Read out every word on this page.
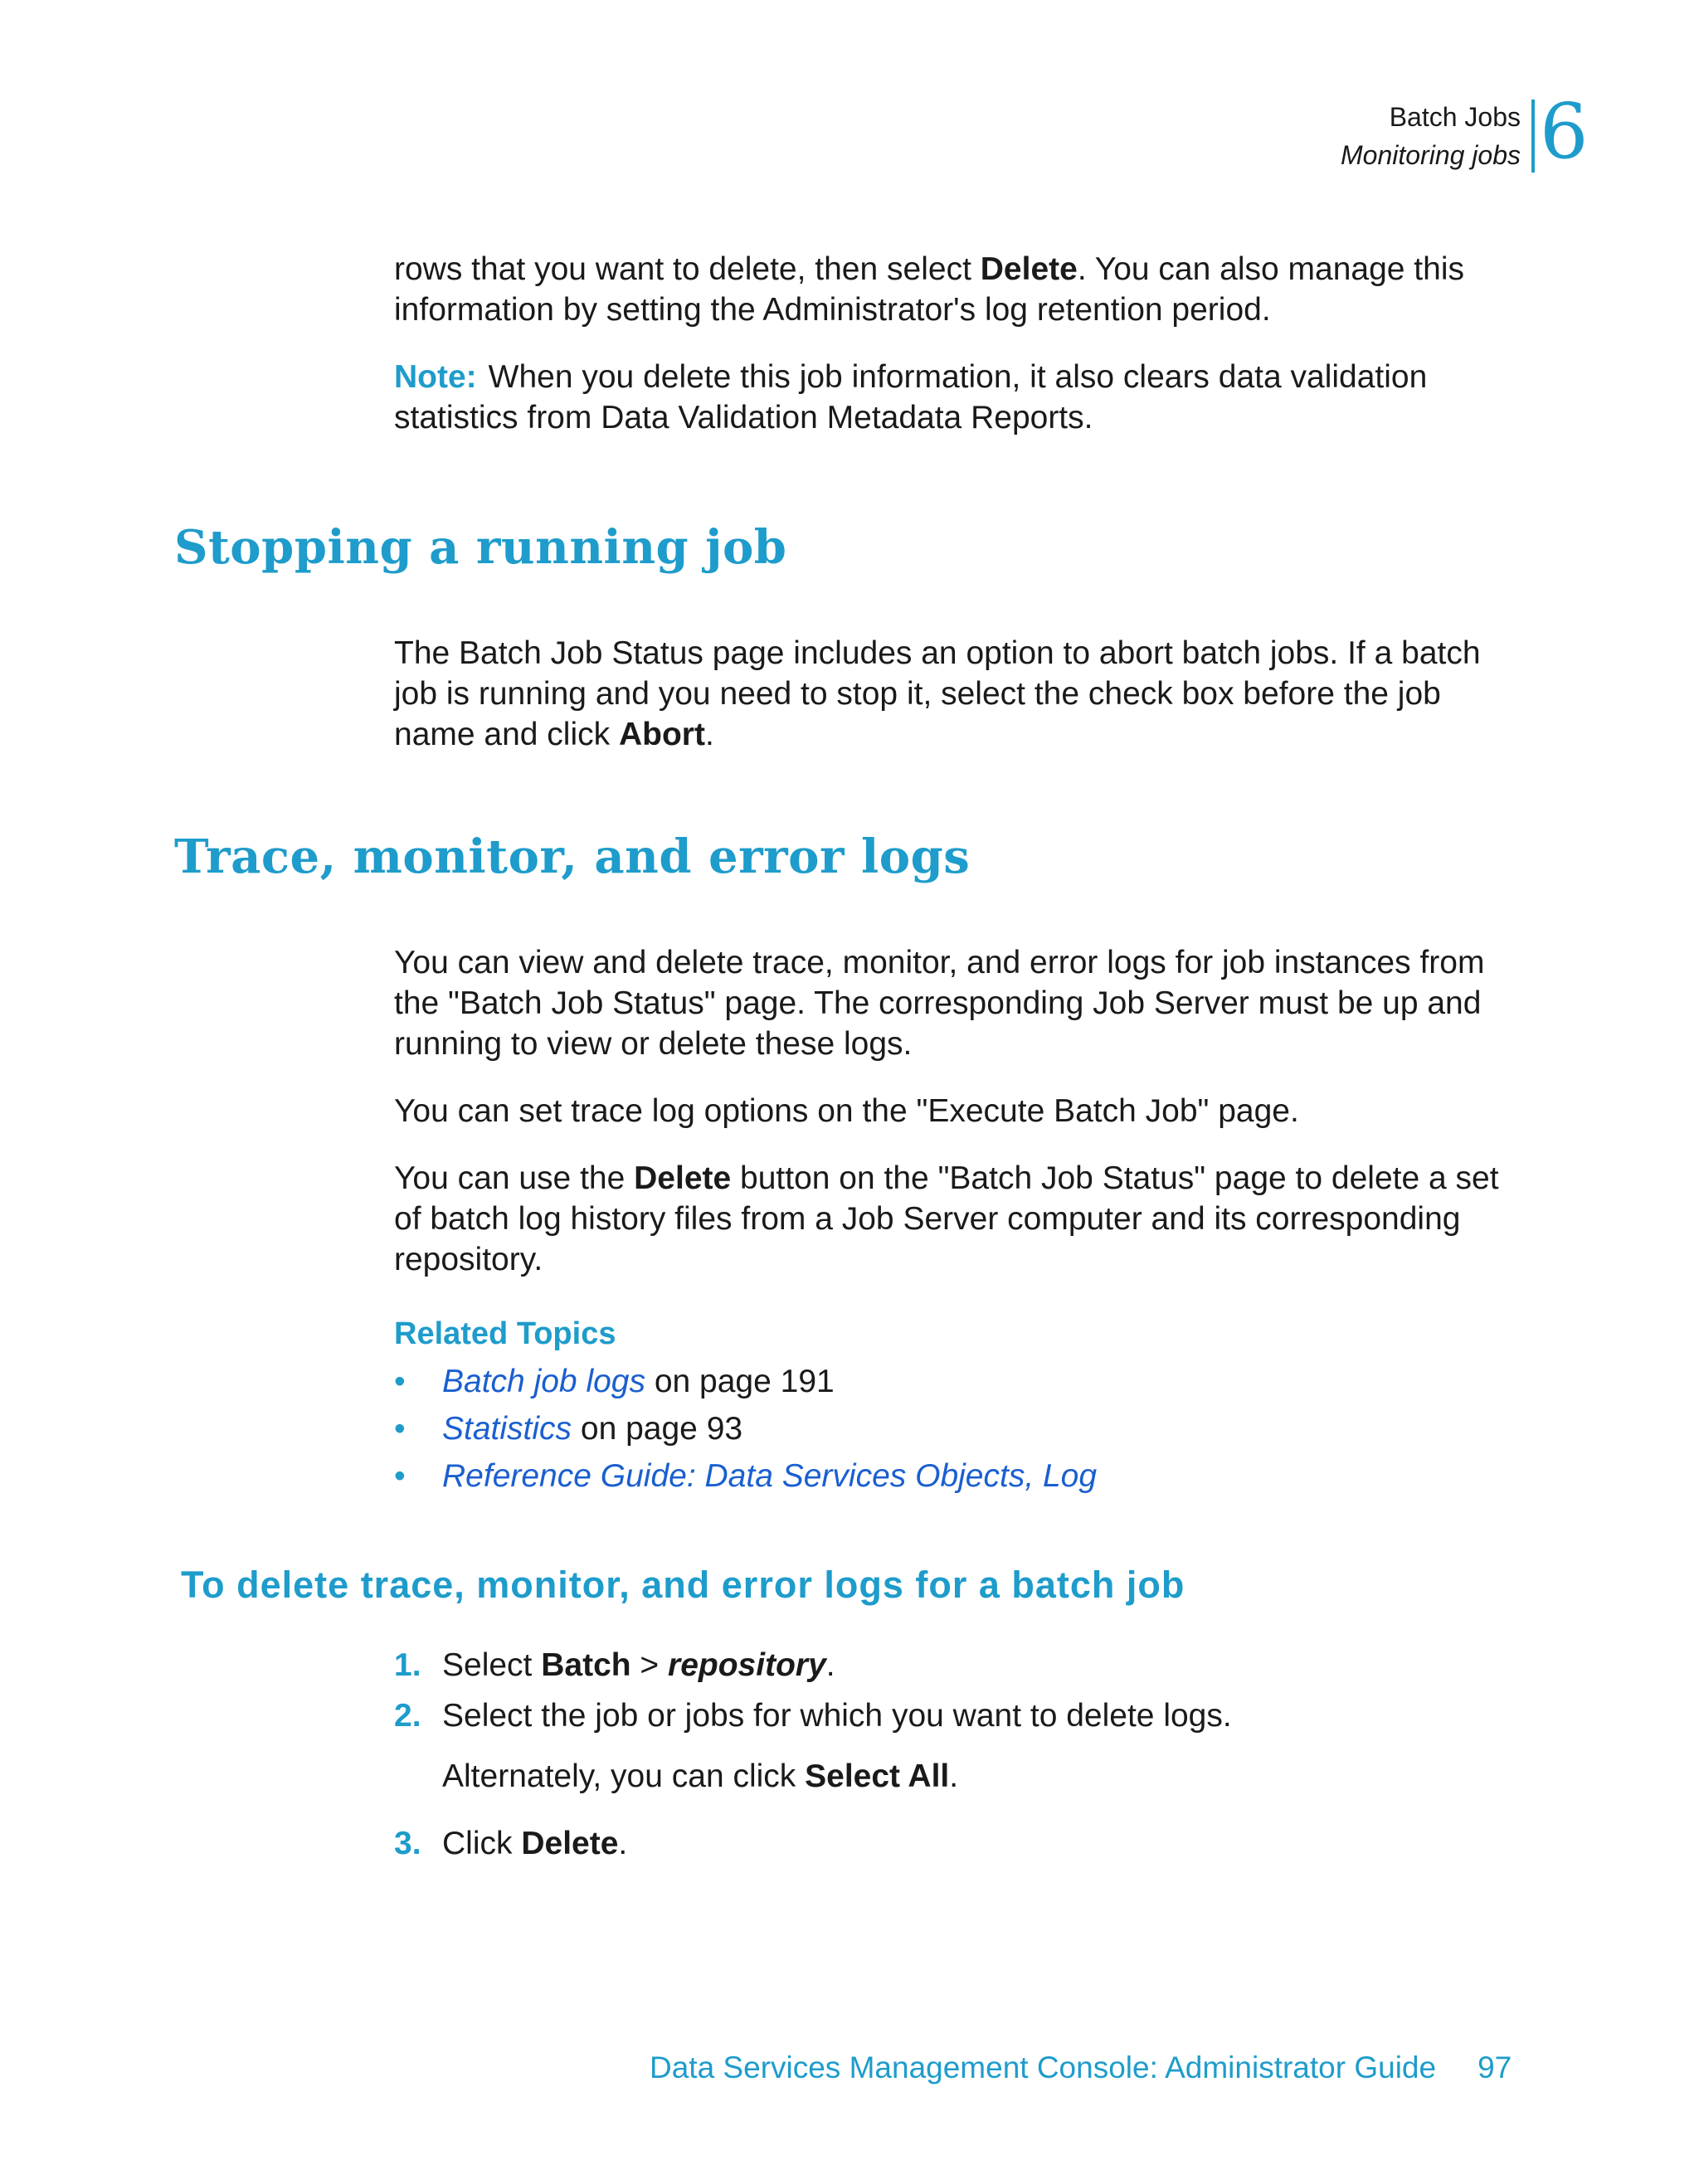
Batch Jobs
Monitoring jobs 6

rows that you want to delete, then select Delete. You can also manage this information by setting the Administrator's log retention period.

Note: When you delete this job information, it also clears data validation statistics from Data Validation Metadata Reports.

Stopping a running job

The Batch Job Status page includes an option to abort batch jobs. If a batch job is running and you need to stop it, select the check box before the job name and click Abort.

Trace, monitor, and error logs

You can view and delete trace, monitor, and error logs for job instances from the "Batch Job Status" page. The corresponding Job Server must be up and running to view or delete these logs.

You can set trace log options on the "Execute Batch Job" page.

You can use the Delete button on the "Batch Job Status" page to delete a set of batch log history files from a Job Server computer and its corresponding repository.

Related Topics

• Batch job logs on page 191
• Statistics on page 93
• Reference Guide: Data Services Objects, Log
To delete trace, monitor, and error logs for a batch job
1. Select Batch > repository.
2. Select the job or jobs for which you want to delete logs.
Alternately, you can click Select All.
3. Click Delete.
Data Services Management Console: Administrator Guide 97
